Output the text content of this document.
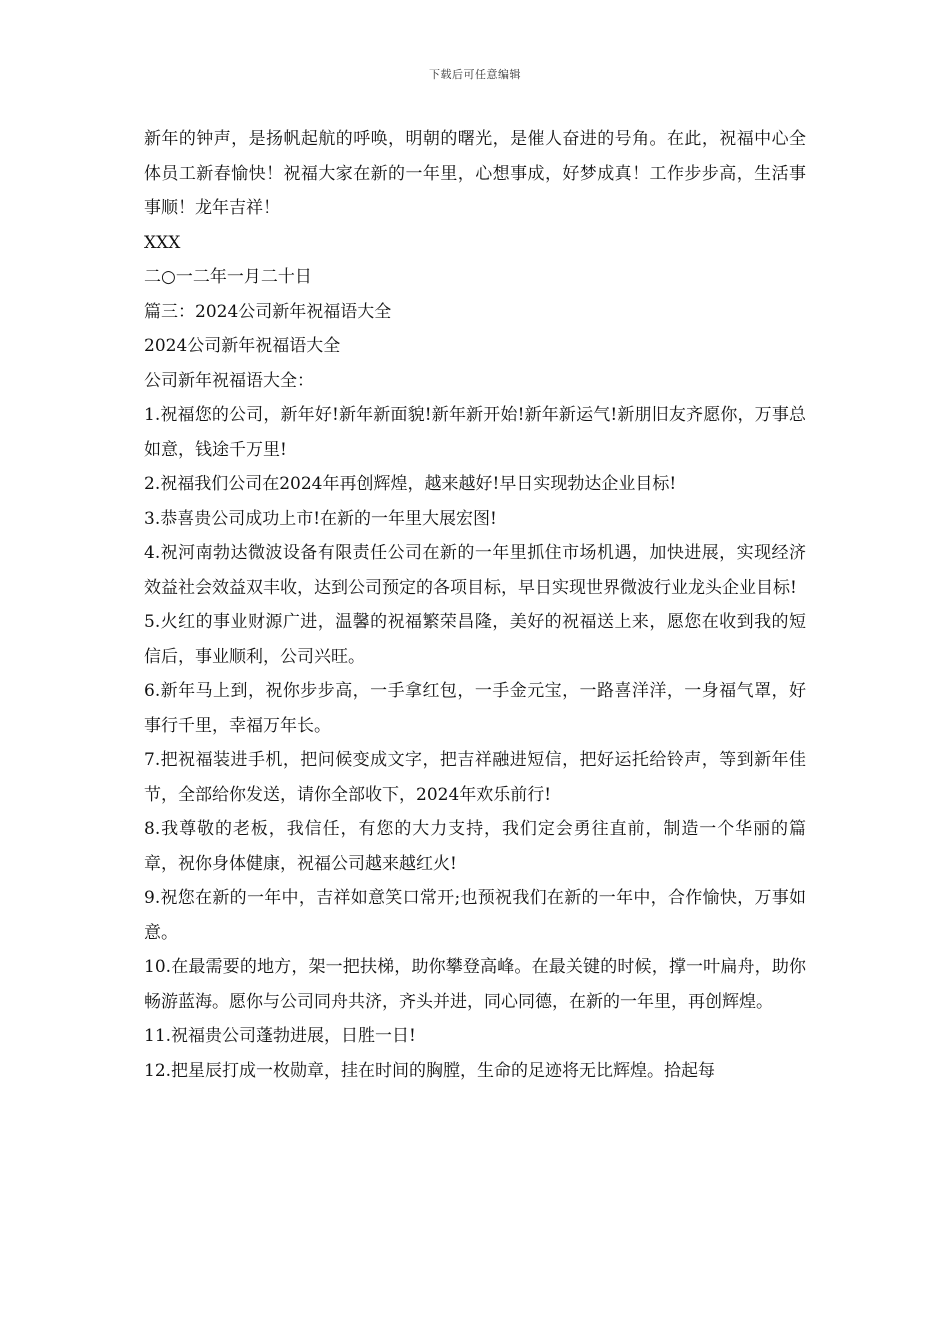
下载后可任意编辑

新年的钟声，是扬帆起航的呼唤，明朝的曙光，是催人奋进的号角。在此，祝福中心全体员工新春愉快！祝福大家在新的一年里，心想事成，好梦成真！工作步步高，生活事事顺！龙年吉祥！

XXX

二○一二年一月二十日

篇三：2024公司新年祝福语大全

2024公司新年祝福语大全

公司新年祝福语大全：

1.祝福您的公司，新年好!新年新面貌!新年新开始!新年新运气!新朋旧友齐愿你，万事总如意，钱途千万里!

2.祝福我们公司在2024年再创辉煌，越来越好!早日实现勃达企业目标!

3.恭喜贵公司成功上市!在新的一年里大展宏图!

4.祝河南勃达微波设备有限责任公司在新的一年里抓住市场机遇，加快进展，实现经济效益社会效益双丰收，达到公司预定的各项目标，早日实现世界微波行业龙头企业目标!

5.火红的事业财源广进，温馨的祝福繁荣昌隆，美好的祝福送上来，愿您在收到我的短信后，事业顺利，公司兴旺。

6.新年马上到，祝你步步高，一手拿红包，一手金元宝，一路喜洋洋，一身福气罩，好事行千里，幸福万年长。

7.把祝福装进手机，把问候变成文字，把吉祥融进短信，把好运托给铃声，等到新年佳节，全部给你发送，请你全部收下，2024年欢乐前行!

8.我尊敬的老板，我信任，有您的大力支持，我们定会勇往直前，制造一个华丽的篇章，祝你身体健康，祝福公司越来越红火!

9.祝您在新的一年中，吉祥如意笑口常开;也预祝我们在新的一年中，合作愉快，万事如意。

10.在最需要的地方，架一把扶梯，助你攀登高峰。在最关键的时候，撑一叶扁舟，助你畅游蓝海。愿你与公司同舟共济，齐头并进，同心同德，在新的一年里，再创辉煌。

11.祝福贵公司蓬勃进展，日胜一日!

12.把星辰打成一枚勋章，挂在时间的胸膛，生命的足迹将无比辉煌。拾起每
